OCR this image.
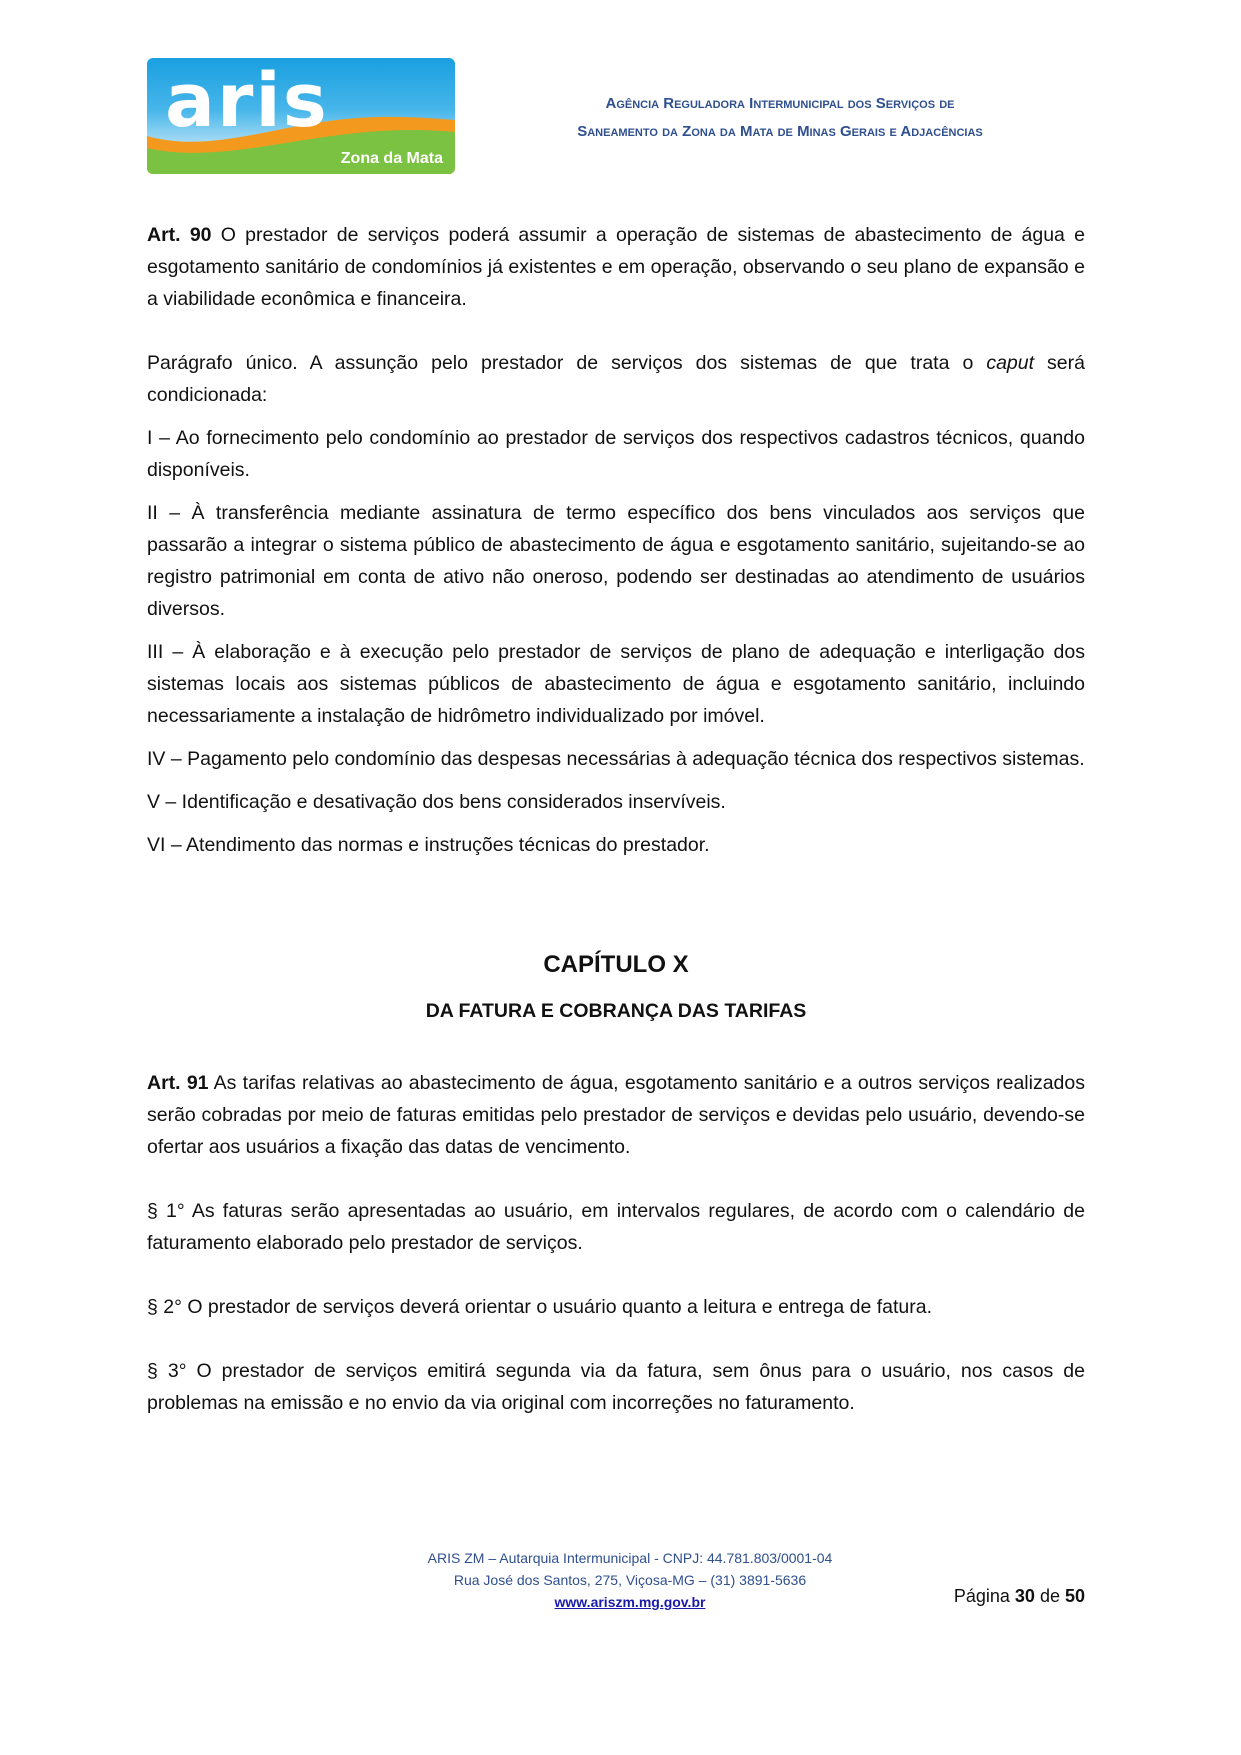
aris
Zona da Mata
Agência Reguladora Intermunicipal dos Serviços de
Saneamento da Zona da Mata de Minas Gerais e Adjacências

Art. 90 O prestador de serviços poderá assumir a operação de sistemas de abastecimento de água e esgotamento sanitário de condomínios já existentes e em operação, observando o seu plano de expansão e a viabilidade econômica e financeira.

Parágrafo único. A assunção pelo prestador de serviços dos sistemas de que trata o caput será condicionada:

I – Ao fornecimento pelo condomínio ao prestador de serviços dos respectivos cadastros técnicos, quando disponíveis.

II – À transferência mediante assinatura de termo específico dos bens vinculados aos serviços que passarão a integrar o sistema público de abastecimento de água e esgotamento sanitário, sujeitando-se ao registro patrimonial em conta de ativo não oneroso, podendo ser destinadas ao atendimento de usuários diversos.

III – À elaboração e à execução pelo prestador de serviços de plano de adequação e interligação dos sistemas locais aos sistemas públicos de abastecimento de água e esgotamento sanitário, incluindo necessariamente a instalação de hidrômetro individualizado por imóvel.

IV – Pagamento pelo condomínio das despesas necessárias à adequação técnica dos respectivos sistemas.

V – Identificação e desativação dos bens considerados inservíveis.

VI – Atendimento das normas e instruções técnicas do prestador.

CAPÍTULO X

DA FATURA E COBRANÇA DAS TARIFAS

Art. 91 As tarifas relativas ao abastecimento de água, esgotamento sanitário e a outros serviços realizados serão cobradas por meio de faturas emitidas pelo prestador de serviços e devidas pelo usuário, devendo-se ofertar aos usuários a fixação das datas de vencimento.

§ 1° As faturas serão apresentadas ao usuário, em intervalos regulares, de acordo com o calendário de faturamento elaborado pelo prestador de serviços.

§ 2° O prestador de serviços deverá orientar o usuário quanto a leitura e entrega de fatura.

§ 3° O prestador de serviços emitirá segunda via da fatura, sem ônus para o usuário, nos casos de problemas na emissão e no envio da via original com incorreções no faturamento.

ARIS ZM – Autarquia Intermunicipal - CNPJ: 44.781.803/0001-04
Rua José dos Santos, 275, Viçosa-MG – (31) 3891-5636
www.ariszm.mg.gov.br	Página 30 de 50
